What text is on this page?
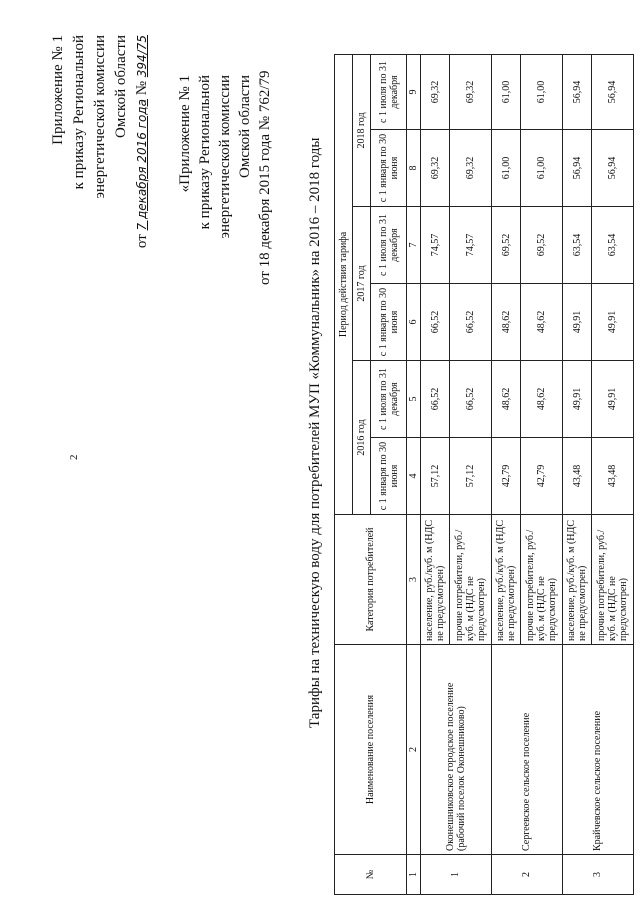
2
Приложение № 1 к приказу Региональной энергетической комиссии Омской области
от 7 декабря 2016 года № 394/75
«Приложение № 1 к приказу Региональной энергетической комиссии Омской области от 18 декабря 2015 года № 762/79 Тарифы на техническую воду для потребителей МУП «Коммунальник» на 2016 – 2018 годы
№	Наименование поселения	Категория потребителей	Период действия тарифа					
			2016 год		2017 год		2018 год	
			с 1 января по 30 июня	с 1 июля по 31 декабря	с 1 января по 30 июня	с 1 июля по 31 декабря	с 1 января по 30 июня	с 1 июля по 31 декабря
1	2	3	4	5	6	7	8	9
1	Оконешниковское городское поселение (рабочий поселок Оконешниково)	население, руб./куб. м (НДС не предусмотрен)	57,12	66,52	66,52	74,57	69,32	69,32
		прочие потребители, руб./куб. м (НДС не предусмотрен)	57,12	66,52	66,52	74,57	69,32	69,32
2	Сергеевское сельское поселение	население, руб./куб. м (НДС не предусмотрен)	42,79	48,62	48,62	69,52	61,00	61,00
		прочие потребители, руб./куб. м (НДС не предусмотрен)	42,79	48,62	48,62	69,52	61,00	61,00
3	Крайчевское сельское поселение	население, руб./куб. м (НДС не предусмотрен)	43,48	49,91	49,91	63,54	56,94	56,94
		прочие потребители, руб./куб. м (НДС не предусмотрен)	43,48	49,91	49,91	63,54	56,94	56,94
